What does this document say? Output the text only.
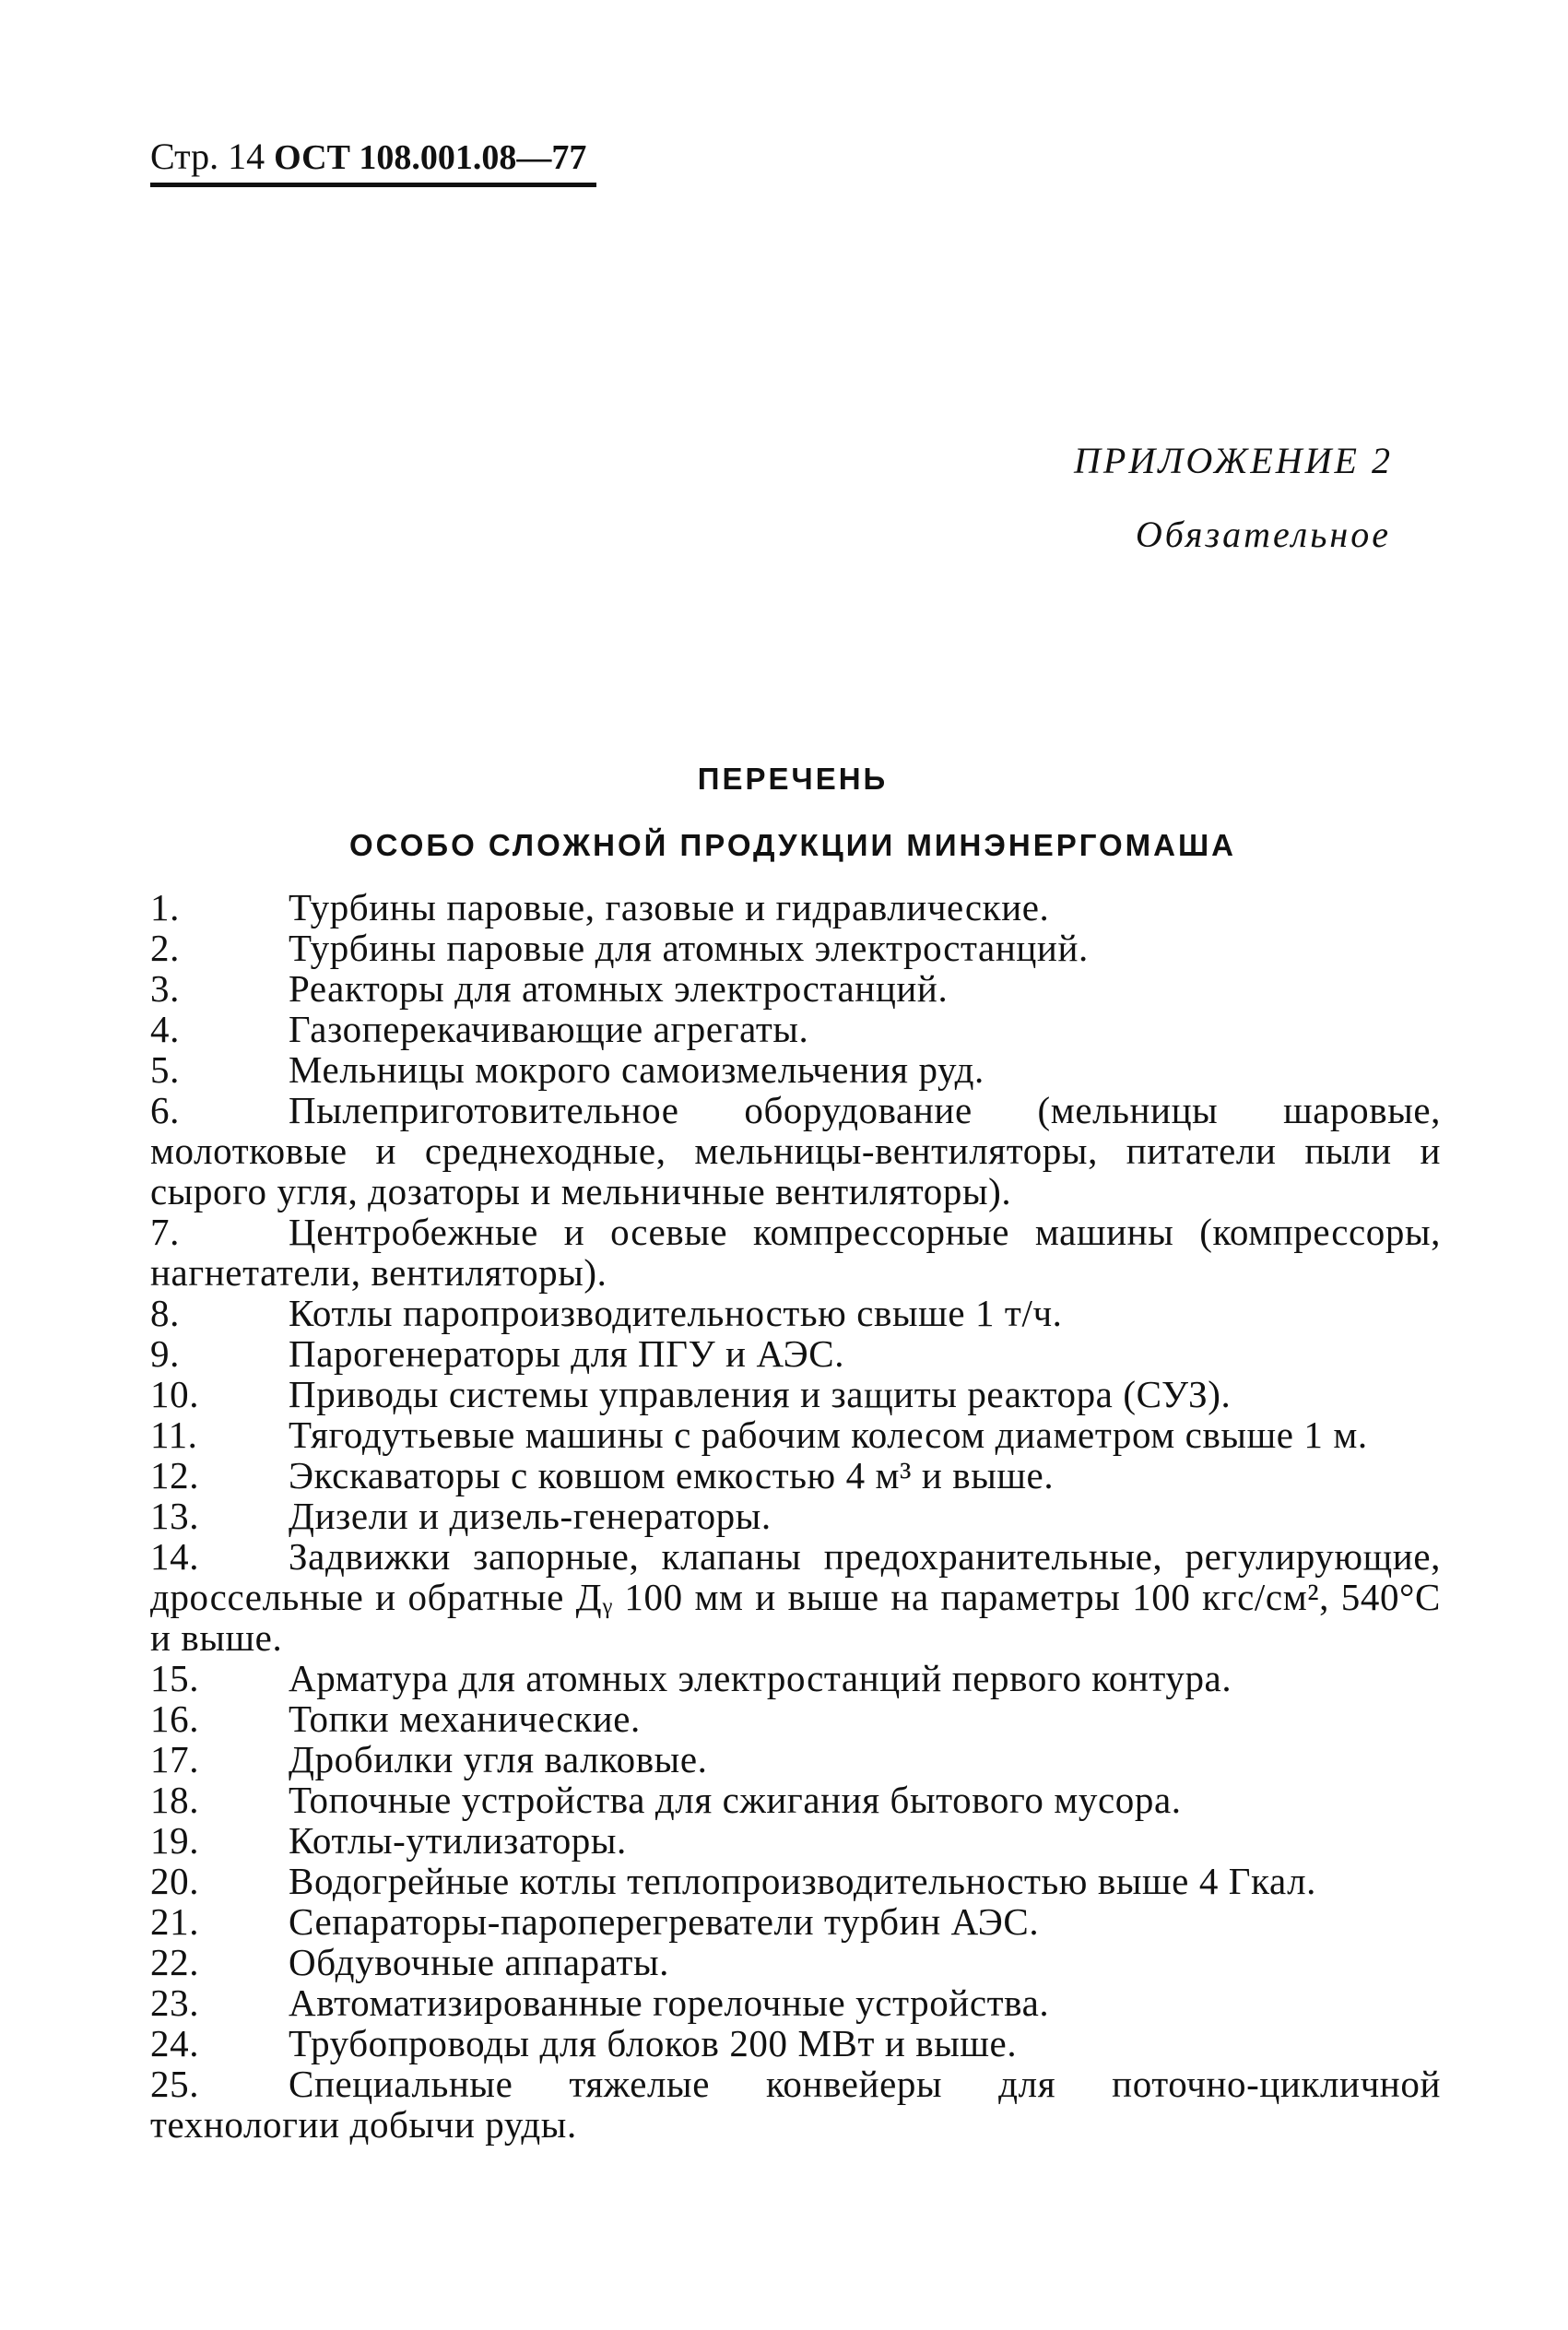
Стр. 14 ОСТ 108.001.08—77
ПРИЛОЖЕНИЕ 2
Обязательное
ПЕРЕЧЕНЬ
ОСОБО СЛОЖНОЙ ПРОДУКЦИИ МИНЭНЕРГОМАША
1.	Турбины паровые, газовые и гидравлические.
2.	Турбины паровые для атомных электростанций.
3.	Реакторы для атомных электростанций.
4.	Газоперекачивающие агрегаты.
5.	Мельницы мокрого самоизмельчения руд.
6.	Пылеприготовительное оборудование (мельницы шаровые, молотковые и среднеходные, мельницы-вентиляторы, питатели пыли и сырого угля, дозаторы и мельничные вентиляторы).
7.	Центробежные и осевые компрессорные машины (компрессоры, нагнетатели, вентиляторы).
8.	Котлы паропроизводительностью свыше 1 т/ч.
9.	Парогенераторы для ПГУ и АЭС.
10. Приводы системы управления и защиты реактора (СУЗ).
11. Тягодутьевые машины с рабочим колесом диаметром свыше 1 м.
12. Экскаваторы с ковшом емкостью 4 м³ и выше.
13. Дизели и дизель-генераторы.
14. Задвижки запорные, клапаны предохранительные, регулирующие, дроссельные и обратные Дᵧ 100 мм и выше на параметры 100 кгс/см², 540°С и выше.
15. Арматура для атомных электростанций первого контура.
16. Топки механические.
17. Дробилки угля валковые.
18. Топочные устройства для сжигания бытового мусора.
19. Котлы-утилизаторы.
20. Водогрейные котлы теплопроизводительностью выше 4 Гкал.
21. Сепараторы-пароперегреватели турбин АЭС.
22. Обдувочные аппараты.
23. Автоматизированные горелочные устройства.
24. Трубопроводы для блоков 200 МВт и выше.
25. Специальные тяжелые конвейеры для поточно-цикличной технологии добычи руды.
